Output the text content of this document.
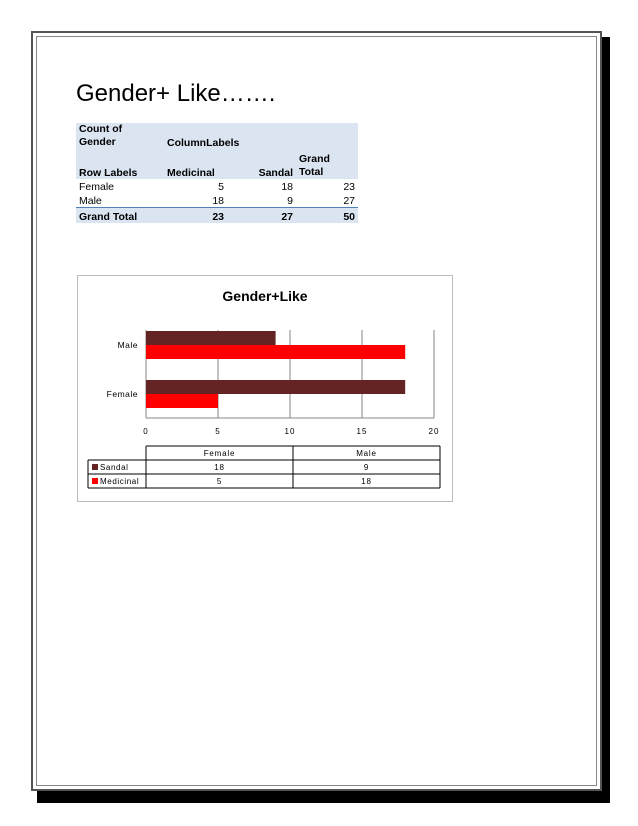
Gender+ Like…….
Count of Gender	ColumnLabels		
Row Labels	Medicinal	Sandal	Grand Total
Female	5	18	23
Male	18	9	27
Grand Total	23	27	50
Gender+Like
0	5	10	15	20
Female
Male
Female	Male
Sandal	18	9
Medicinal	5	18
